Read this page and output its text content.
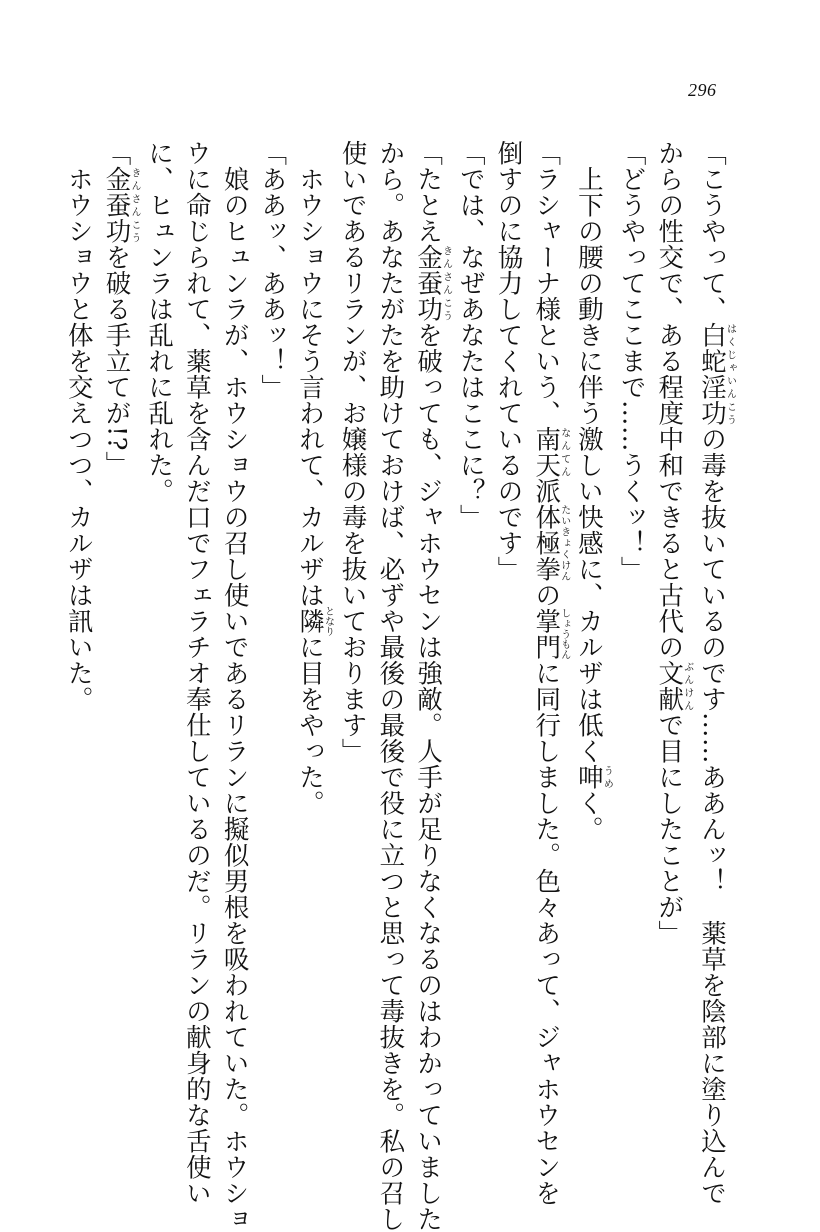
296
「こうやって、白蛇淫功はくじゃいんこうの毒を抜いているのです……ああんッ！　薬草を陰部に塗り込んで
からの性交で、ある程度中和できると古代の文献ぶんけんで目にしたことが」
「どうやってここまで……うくッ！」
　上下の腰の動きに伴う激しい快感に、カルザは低く呻うめく。
「ラシャーナ様という、南天なんてん派体極拳たいきょくけんの掌門しょうもんに同行しました。色々あって、ジャホウセンを
倒すのに協力してくれているのです」
「では、なぜあなたはここに？」
「たとえ金蚕功きんさんこうを破っても、ジャホウセンは強敵。人手が足りなくなるのはわかっていました
から。あなたがたを助けておけば、必ずや最後の最後で役に立つと思って毒抜きを。私の召し
使いであるリランが、お嬢様の毒を抜いております」
　ホウショウにそう言われて、カルザは隣となりに目をやった。
「ああッ、ああッ！」
　娘のヒュンラが、ホウショウの召し使いであるリランに擬似男根を吸われていた。ホウショ
ウに命じられて、薬草を含んだ口でフェラチオ奉仕しているのだ。リランの献身的な舌使い
に、ヒュンラは乱れに乱れた。
「金蚕功きんさんこうを破る手立てが!?」
　ホウショウと体を交えつつ、カルザは訊いた。
